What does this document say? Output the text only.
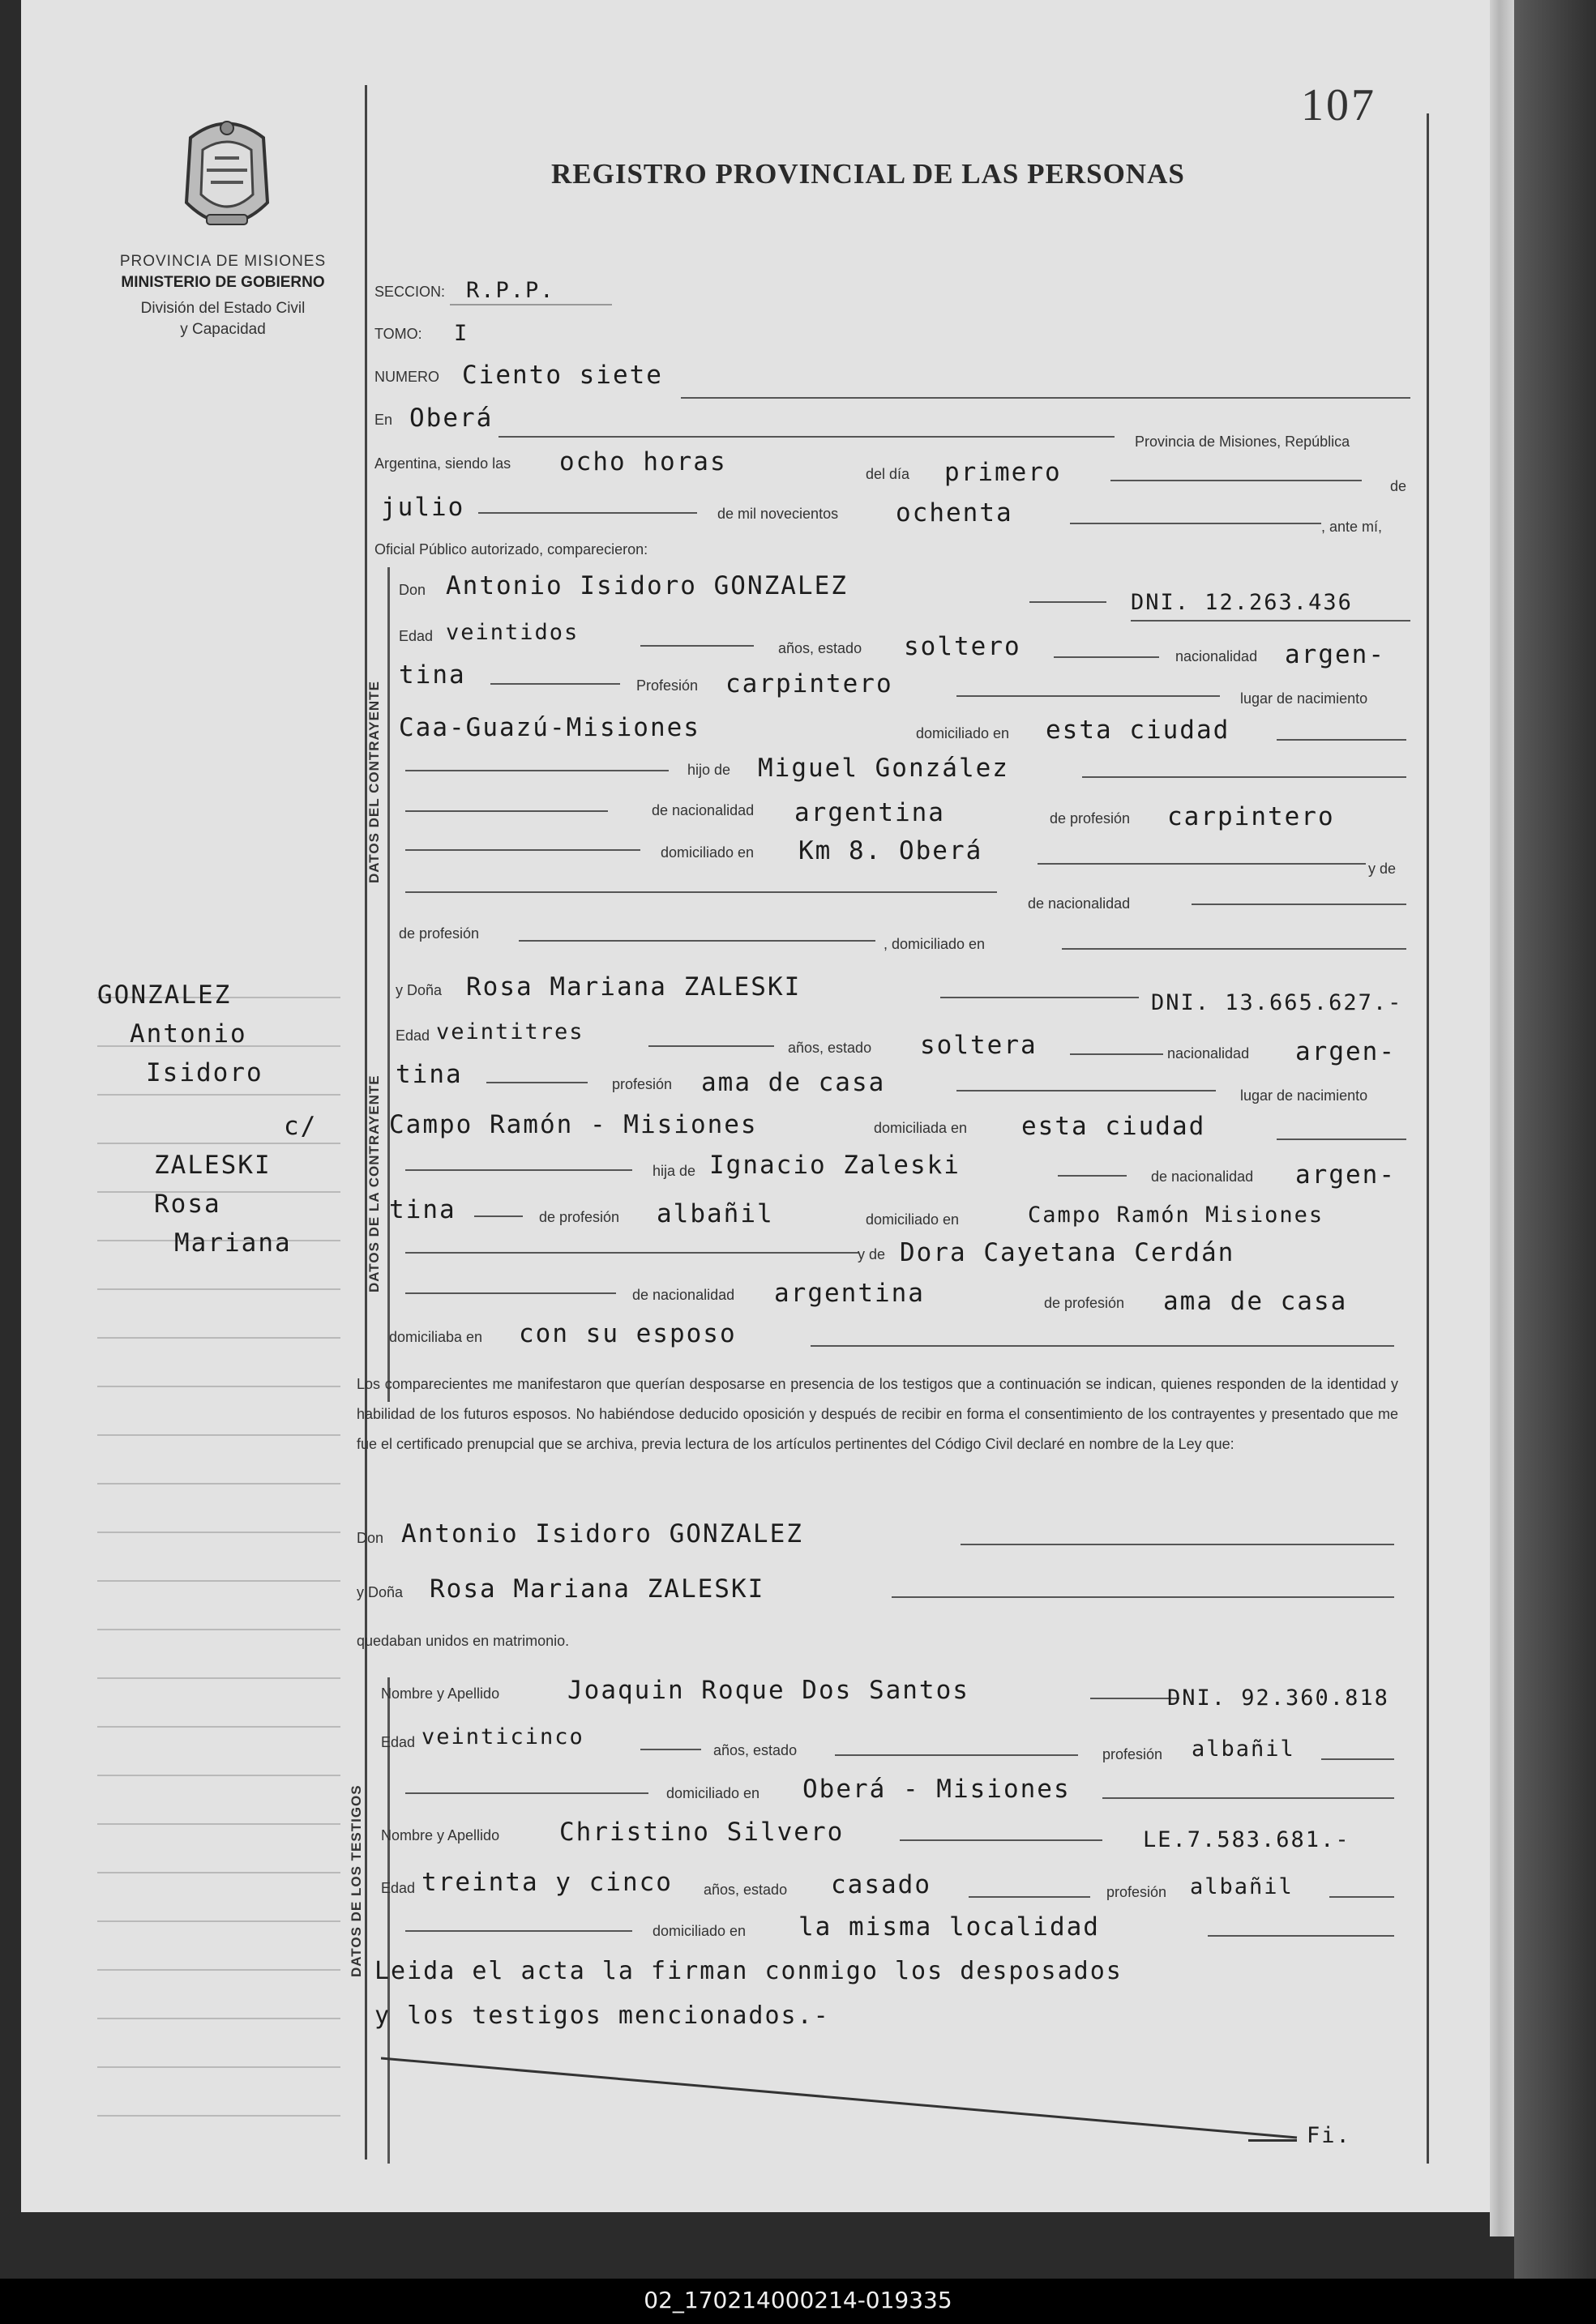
PROVINCIA DE MISIONES
MINISTERIO DE GOBIERNO
División del Estado Civil
y Capacidad
107
REGISTRO PROVINCIAL DE LAS PERSONAS
SECCION: R.P.P.
TOMO: I
NUMERO Ciento siete
En Oberá
Provincia de Misiones, República
Argentina, siendo las ocho horas	del día primero	de
julio	de mil novecientos ochenta	, ante mí,
Oficial Público autorizado, comparecieron:
DATOS DEL CONTRAYENTE
Don Antonio Isidoro GONZALEZ
DNI. 12.263.436
Edad veintidos
años, estado soltero	nacionalidad argen-
tina	Profesión carpintero	lugar de nacimiento
Caa-Guazú-Misiones	domiciliado en esta ciudad
hijo de Miguel González
de nacionalidad argentina	de profesión carpintero
domiciliado en Km 8. Oberá
y de
de nacionalidad
de profesión
, domiciliado en
DATOS DE LA CONTRAYENTE
y Doña Rosa Mariana ZALESKI
DNI. 13.665.627.-
Edad veintitres
años, estado soltera	nacionalidad argen-
tina	profesión ama de casa	lugar de nacimiento
Campo Ramón - Misiones	domiciliada en esta ciudad
hija de Ignacio Zaleski	de nacionalidad argen-
tina	de profesión albañil	domiciliado en	Campo Ramón Misiones
y de Dora Cayetana Cerdán
de nacionalidad argentina	de profesión ama de casa
domiciliaba en con su esposo
Los comparecientes me manifestaron que querían desposarse en presencia de los testigos que a continuación se indican, quienes responden de la identidad y habilidad de los futuros esposos. No habiéndose deducido oposición y después de recibir en forma el consentimiento de los contrayentes y presentado que me fue el certificado prenupcial que se archiva, previa lectura de los artículos pertinentes del Código Civil declaré en nombre de la Ley que:
Don Antonio Isidoro GONZALEZ
y Doña Rosa Mariana ZALESKI
quedaban unidos en matrimonio.
DATOS DE LOS TESTIGOS
Nombre y Apellido	Joaquin Roque Dos Santos	DNI. 92.360.818
Edad veinticinco
años, estado	profesión albañil
domiciliado en Oberá - Misiones
Nombre y Apellido Christino Silvero	LE.7.583.681.-
Edad treinta y cinco años, estado casado	profesión albañil
domiciliado en la misma localidad
Leida el acta la firman conmigo los desposados
y los testigos mencionados.-
Fi.
GONZALEZ
Antonio
Isidoro
c/
ZALESKI
Rosa
Mariana
02_170214000214-019335
